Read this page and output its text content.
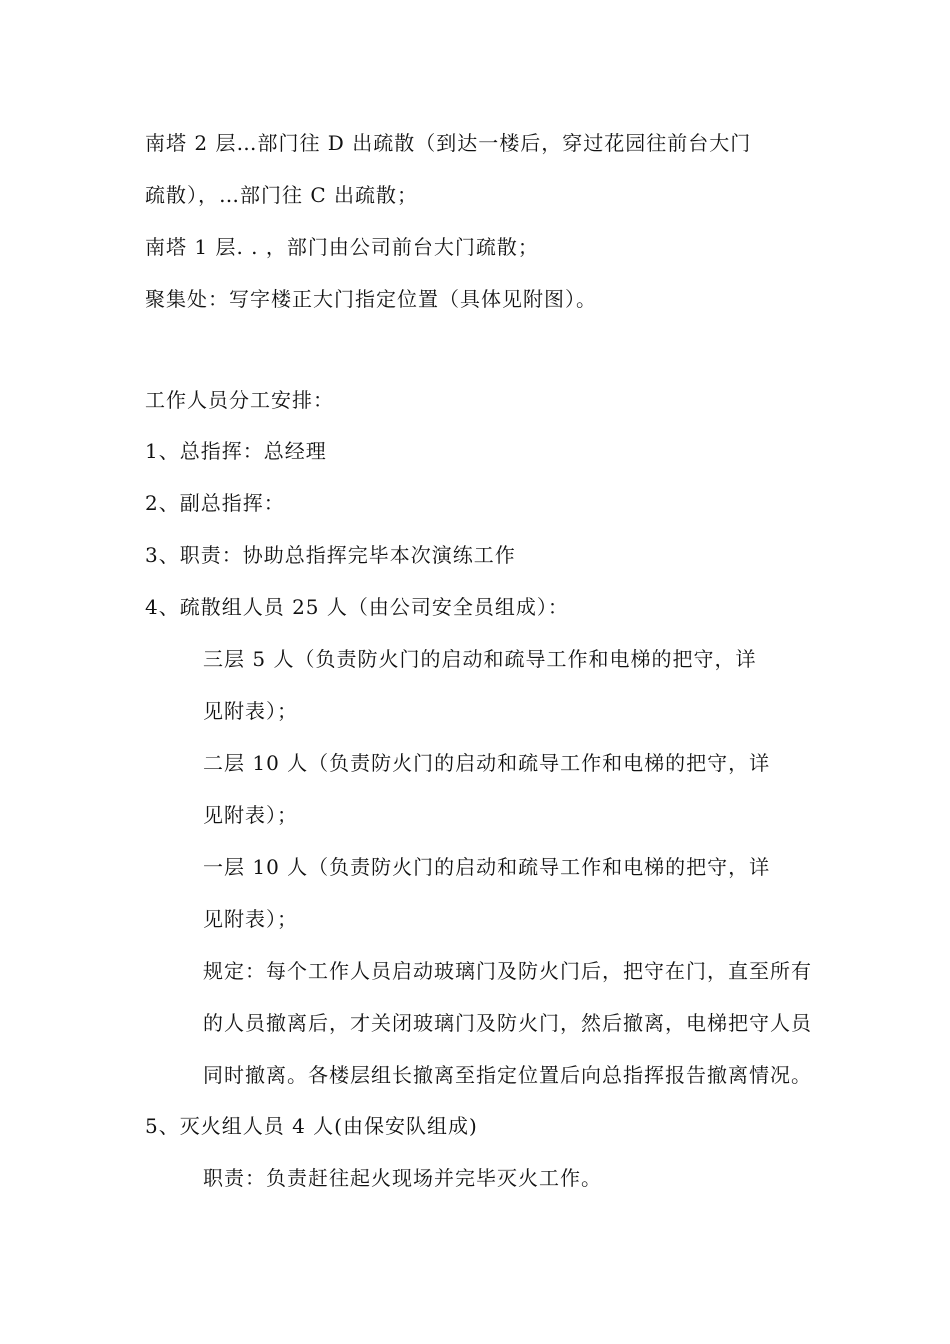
南塔 2 层…部门往 D 出疏散（到达一楼后，穿过花园往前台大门
疏散），…部门往 C 出疏散；
南塔 1 层. . ，部门由公司前台大门疏散；
聚集处：写字楼正大门指定位置（具体见附图）。
工作人员分工安排：
1、总指挥：总经理
2、副总指挥：
3、职责：协助总指挥完毕本次演练工作
4、疏散组人员 25 人（由公司安全员组成）：
三层 5 人（负责防火门的启动和疏导工作和电梯的把守，详
见附表）；
二层 10 人（负责防火门的启动和疏导工作和电梯的把守，详
见附表）；
一层 10 人（负责防火门的启动和疏导工作和电梯的把守，详
见附表）；
规定：每个工作人员启动玻璃门及防火门后，把守在门，直至所有
的人员撤离后，才关闭玻璃门及防火门，然后撤离，电梯把守人员
同时撤离。各楼层组长撤离至指定位置后向总指挥报告撤离情况。
5、灭火组人员 4 人(由保安队组成)
职责：负责赶往起火现场并完毕灭火工作。
